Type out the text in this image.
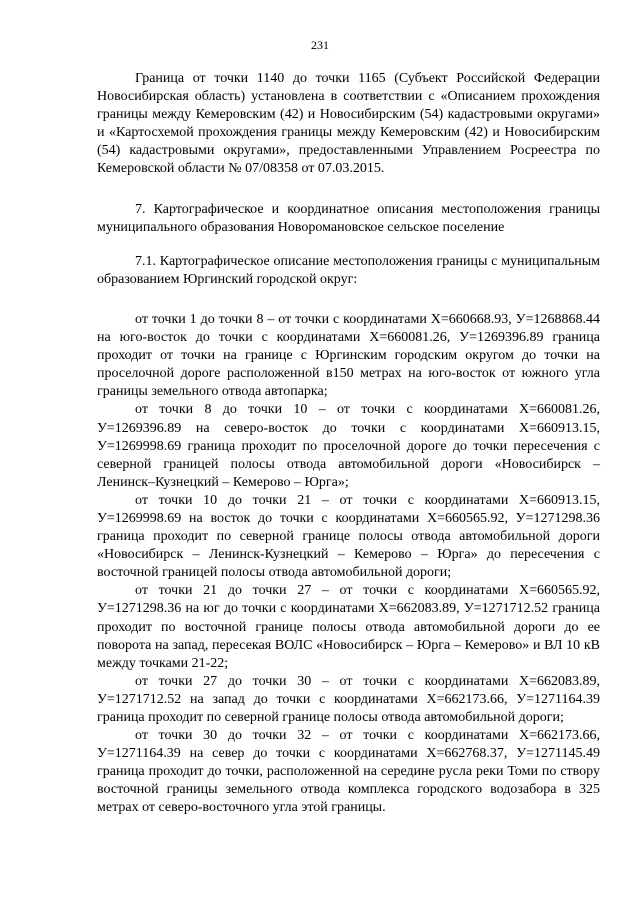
231

Граница от точки 1140 до точки 1165 (Субъект Российской Федерации Новосибирская область) установлена в соответствии с «Описанием прохождения границы между Кемеровским (42) и Новосибирским (54) кадастровыми округами» и «Картосхемой прохождения границы между Кемеровским (42) и Новосибирским (54) кадастровыми округами», предоставленными Управлением Росреестра по Кемеровской области № 07/08358 от 07.03.2015.

7. Картографическое и координатное описания местоположения границы муниципального образования Новоромановское сельское поселение

7.1. Картографическое описание местоположения границы с муниципальным образованием Юргинский городской округ:

от точки 1 до точки 8 – от точки с координатами X=660668.93, У=1268868.44 на юго-восток до точки с координатами X=660081.26, У=1269396.89 граница проходит от точки на границе с Юргинским городским округом до точки на проселочной дороге расположенной в150 метрах на юго-восток от южного угла границы земельного отвода автопарка;

от точки 8 до точки 10 – от точки с координатами X=660081.26, У=1269396.89 на северо-восток до точки с координатами X=660913.15, У=1269998.69 граница проходит по проселочной дороге до точки пересечения с северной границей полосы отвода автомобильной дороги «Новосибирск – Ленинск–Кузнецкий – Кемерово – Юрга»;

от точки 10 до точки 21 – от точки с координатами X=660913.15, У=1269998.69 на восток до точки с координатами X=660565.92, У=1271298.36 граница проходит по северной границе полосы отвода автомобильной дороги «Новосибирск – Ленинск-Кузнецкий – Кемерово – Юрга» до пересечения с восточной границей полосы отвода автомобильной дороги;

от точки 21 до точки 27 – от точки с координатами X=660565.92, У=1271298.36 на юг до точки с координатами X=662083.89, У=1271712.52 граница проходит по восточной границе полосы отвода автомобильной дороги до ее поворота на запад, пересекая ВОЛС «Новосибирск – Юрга – Кемерово» и ВЛ 10 кВ между точками 21-22;

от точки 27 до точки 30 – от точки с координатами X=662083.89, У=1271712.52 на запад до точки с координатами X=662173.66, У=1271164.39 граница проходит по северной границе полосы отвода автомобильной дороги;

от точки 30 до точки 32 – от точки с координатами X=662173.66, У=1271164.39 на север до точки с координатами X=662768.37, У=1271145.49 граница проходит до точки, расположенной на середине русла реки Томи по створу восточной границы земельного отвода комплекса городского водозабора в 325 метрах от северо-восточного угла этой границы.
